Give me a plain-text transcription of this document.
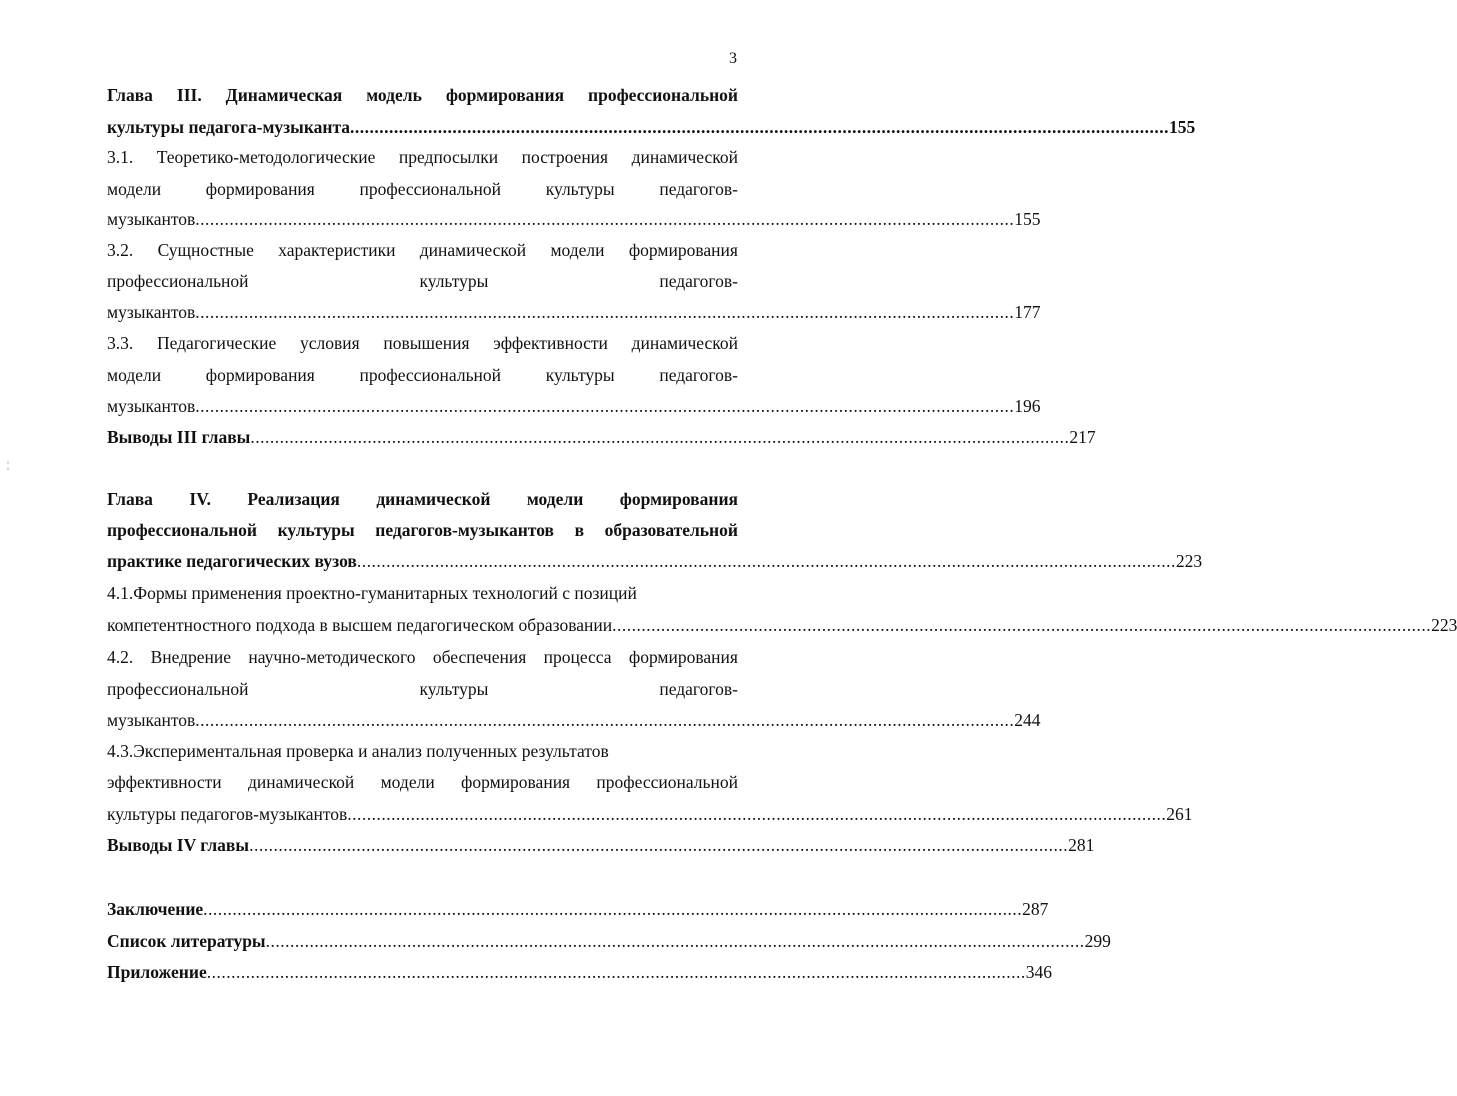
3
¦
Глава III. Динамическая модель формирования профессиональной
культуры педагога-музыканта ........................................................................................................................................................................ 155
3.1. Теоретико-методологические предпосылки построения динамической
модели	формирования	профессиональной	культуры	педагогов-
музыкантов ........................................................................................................................................................................ 155
3.2. Сущностные характеристики динамической модели формирования
профессиональной	культуры	педагогов-
музыкантов ........................................................................................................................................................................ 177
3.3. Педагогические условия повышения эффективности динамической
модели	формирования	профессиональной	культуры	педагогов-
музыкантов ........................................................................................................................................................................ 196
Выводы III главы ........................................................................................................................................................................ 217
Глава IV. Реализация динамической модели формирования
профессиональной культуры педагогов-музыкантов в образовательной
практике педагогических вузов ........................................................................................................................................................................ 223
4.1.Формы применения проектно-гуманитарных технологий с позиций
компетентностного подхода в высшем педагогическом образовании ........................................................................................................................................................................ 223
4.2. Внедрение научно-методического обеспечения процесса формирования
профессиональной	культуры	педагогов-
музыкантов ........................................................................................................................................................................ 244
4.3.Экспериментальная проверка и анализ полученных результатов
эффективности динамической модели формирования профессиональной
культуры педагогов-музыкантов ........................................................................................................................................................................ 261
Выводы IV главы ........................................................................................................................................................................ 281
Заключение ........................................................................................................................................................................ 287
Список литературы ........................................................................................................................................................................ 299
Приложение ........................................................................................................................................................................ 346
